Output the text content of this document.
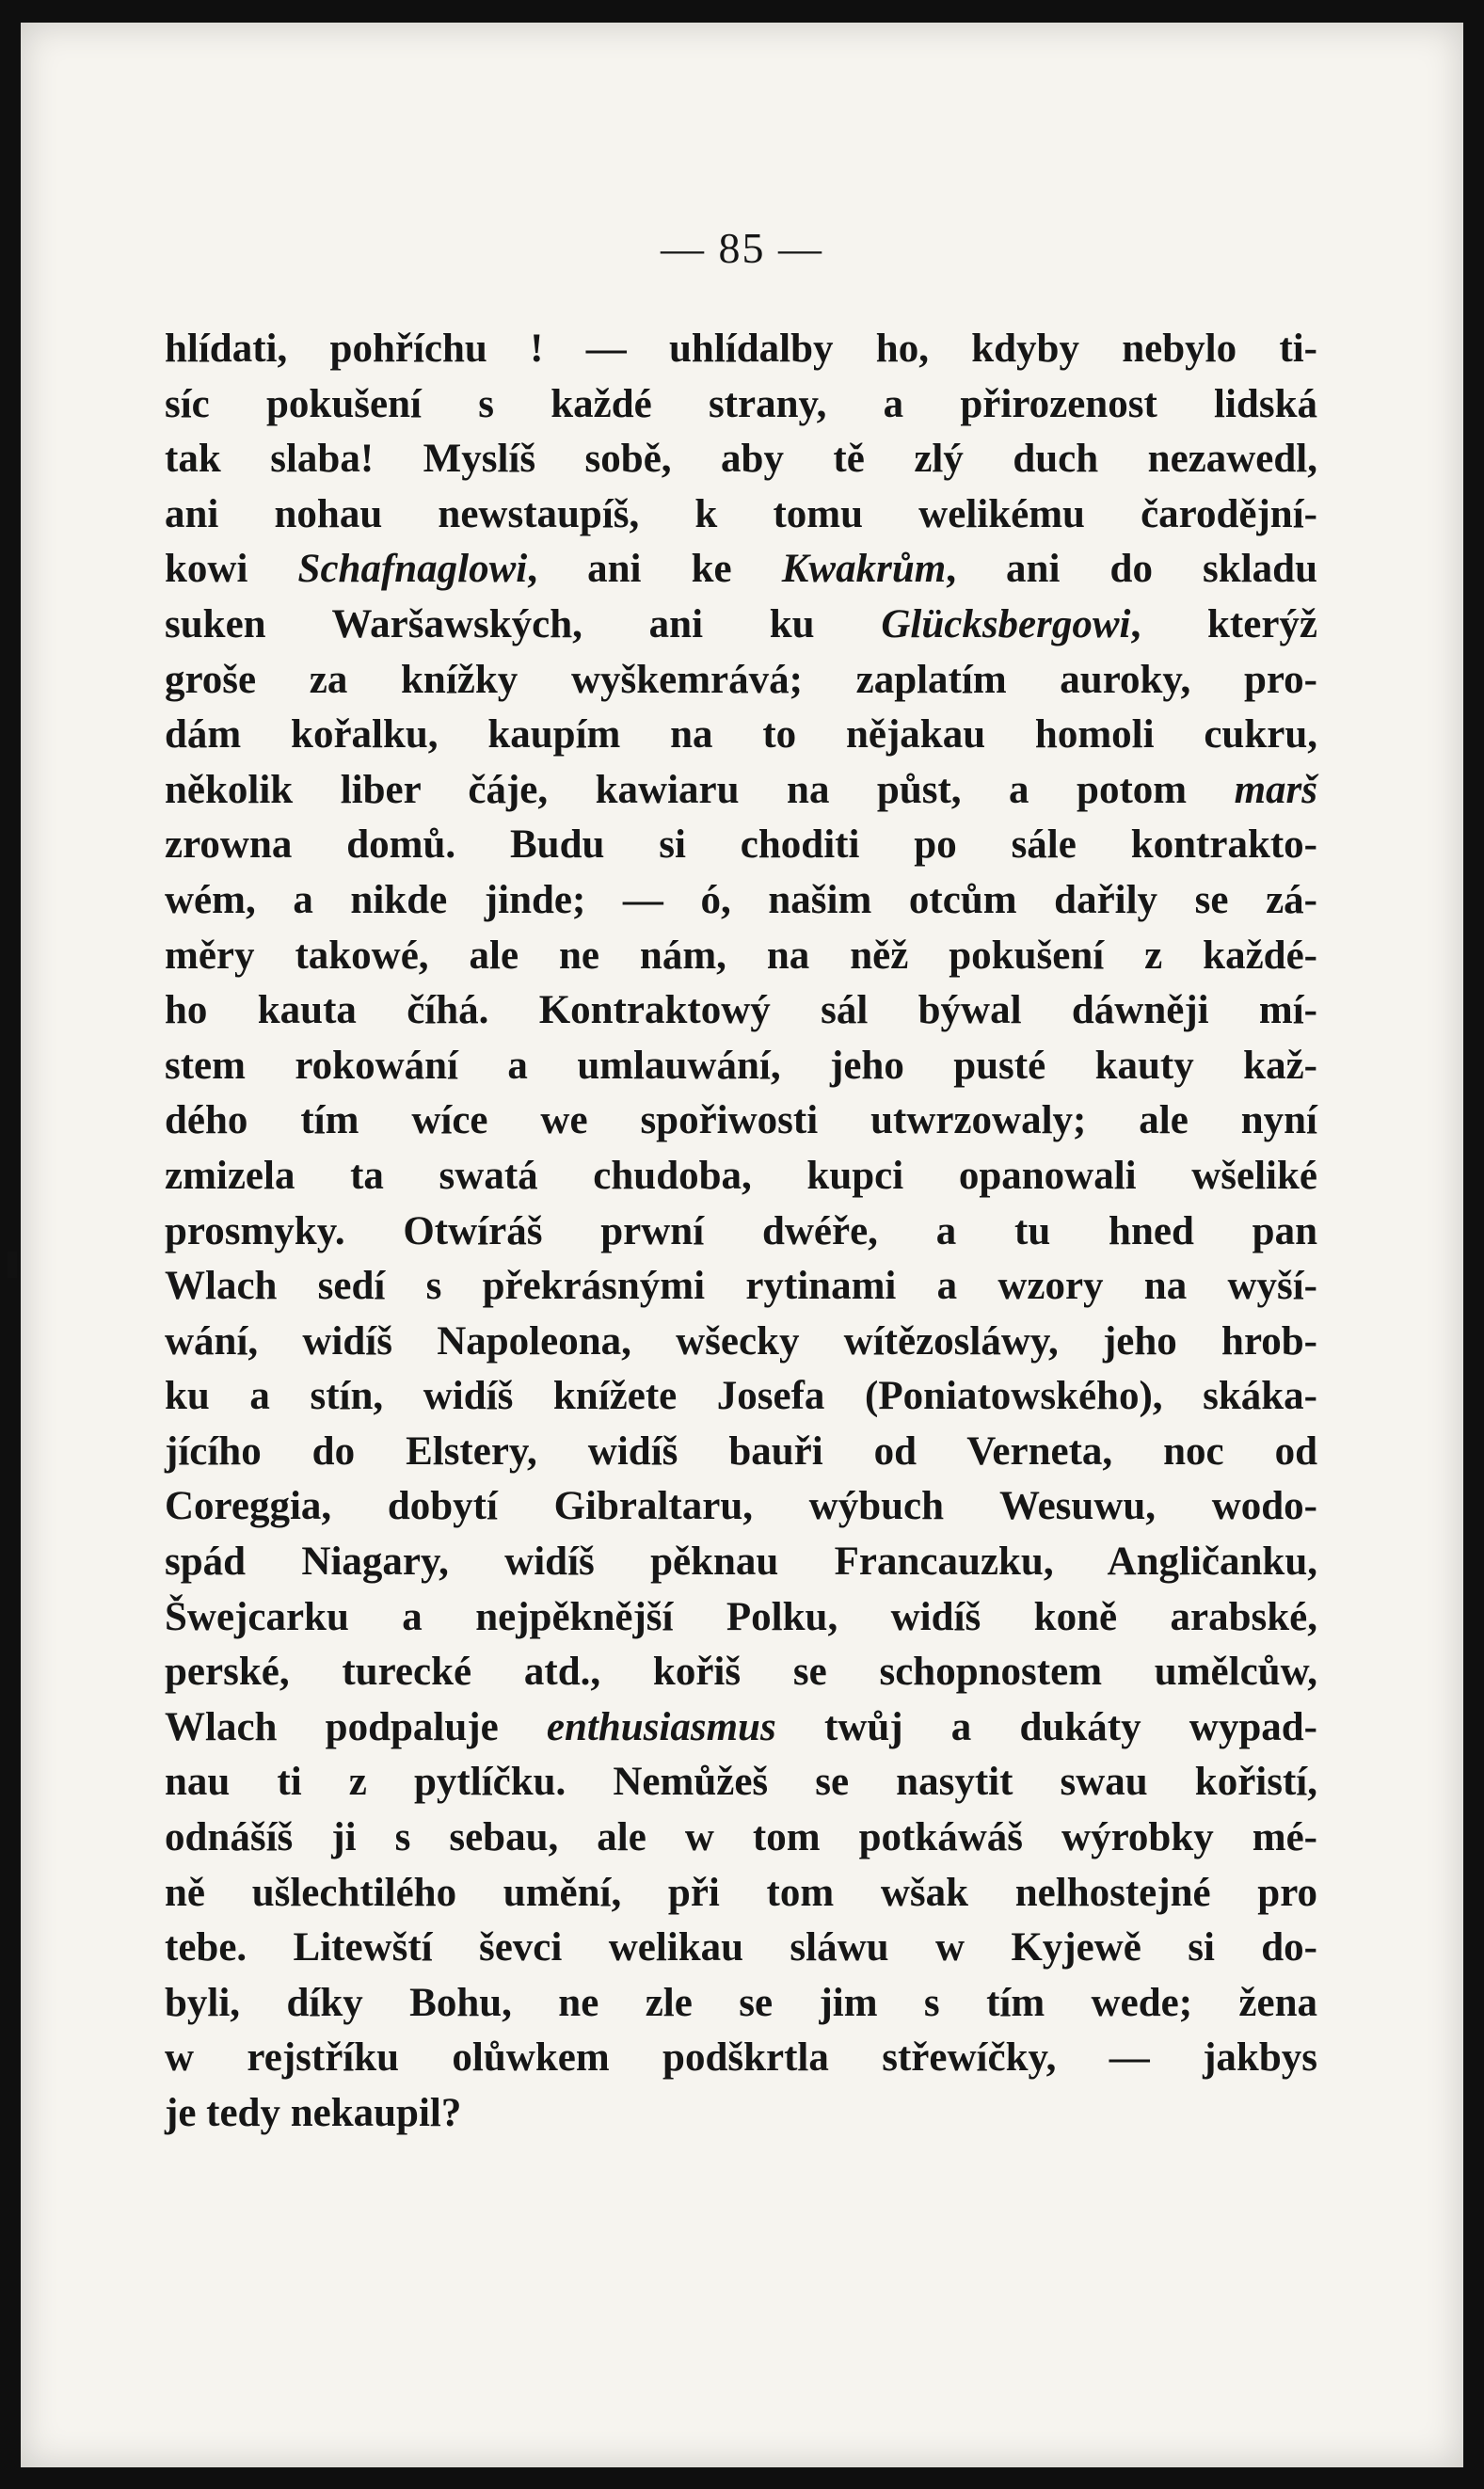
— 85 —
hlídati, pohříchu ! — uhlídalby ho, kdyby nebylo ti-
síc pokušení s každé strany, a přirozenost lidská
tak slaba! Myslíš sobě, aby tě zlý duch nezawedl,
ani nohau newstaupíš, k tomu welikému čarodějní-
kowi Schafnaglowi, ani ke Kwakrům, ani do skladu
suken Waršawských, ani ku Glücksbergowi, kterýž
groše za knížky wyškemrává; zaplatím auroky, pro-
dám kořalku, kaupím na to nějakau homoli cukru,
několik liber čáje, kawiaru na půst, a potom marš
zrowna domů. Budu si choditi po sále kontrakto-
wém, a nikde jinde; — ó, našim otcům dařily se zá-
měry takowé, ale ne nám, na něž pokušení z každé-
ho kauta číhá. Kontraktowý sál býwal dáwněji mí-
stem rokowání a umlauwání, jeho pusté kauty kaž-
dého tím wíce we spořiwosti utwrzowaly; ale nyní
zmizela ta swatá chudoba, kupci opanowali wšeliké
prosmyky. Otwíráš prwní dwéře, a tu hned pan
Wlach sedí s překrásnými rytinami a wzory na wyší-
wání, widíš Napoleona, wšecky wítězosláwy, jeho hrob-
ku a stín, widíš knížete Josefa (Poniatowského), skáka-
jícího do Elstery, widíš bauři od Verneta, noc od
Coreggia, dobytí Gibraltaru, wýbuch Wesuwu, wodo-
spád Niagary, widíš pěknau Francauzku, Angličanku,
Šwejcarku a nejpěknější Polku, widíš koně arabské,
perské, turecké atd., kořiš se schopnostem umělcůw,
Wlach podpaluje enthusiasmus twůj a dukáty wypad-
nau ti z pytlíčku. Nemůžeš se nasytit swau kořistí,
odnášíš ji s sebau, ale w tom potkáwáš wýrobky mé-
ně ušlechtilého umění, při tom wšak nelhostejné pro
tebe. Litewští ševci welikau sláwu w Kyjewě si do-
byli, díky Bohu, ne zle se jim s tím wede; žena
w rejstříku olůwkem podškrtla střewíčky, — jakbys
je tedy nekaupil?
